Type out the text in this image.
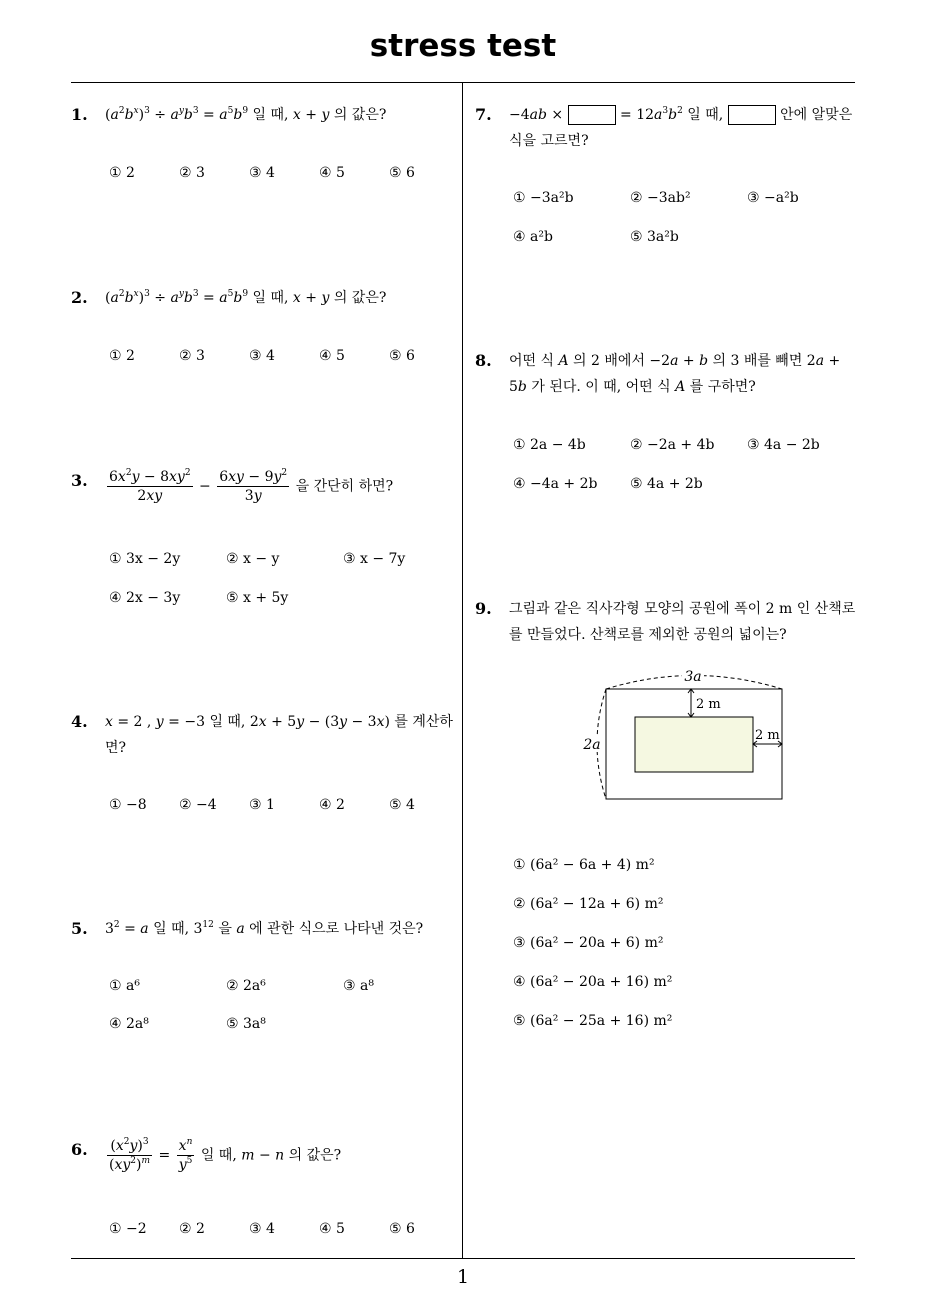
stress test
1. $(a^2b^x)^3 \div a^yb^3 = a^5b^9$ 일 때, x + y 의 값은?
① 2	② 3	③ 4	④ 5	⑤ 6
2. $(a^2b^x)^3 \div a^yb^3 = a^5b^9$ 일 때, x + y 의 값은?
① 2	② 3	③ 4	④ 5	⑤ 6
3. $\frac{6x^2y - 8xy^2}{2xy} - \frac{6xy - 9y^2}{3y}$ 을 간단히 하면?
① 3x − 2y	② x − y	③ x − 7y
④ 2x − 3y	⑤ x + 5y
4. x = 2 , y = −3 일 때, 2x + 5y − (3y − 3x) 를 계산하면?
① −8 ② −4 ③ 1	④ 2	⑤ 4
5. $3^2 = a$ 일 때, $3^{12}$ 을 a 에 관한 식으로 나타낸 것은?
① a⁶	② 2a⁶	③ a⁸
④ 2a⁸	⑤ 3a⁸
6. $\frac{(x^2y)^3}{(xy^2)^m} = \frac{x^n}{y^5}$ 일 때, m − n 의 값은?
① −2 ② 2	③ 4	④ 5	⑤ 6
7. −4ab ×	= $12a^3b^2$ 일 때,	안에 알맞은 식을 고르면?
① −3a²b	② −3ab²	③ −a²b
④ a²b	⑤ 3a²b
8. 어떤 식 A 의 2 배에서 −2a + b 의 3 배를 빼면 2a + 5b 가 된다. 이 때, 어떤 식 A 를 구하면?
① 2a − 4b	② −2a + 4b ③ 4a − 2b
④ −4a + 2b ⑤ 4a + 2b
9. 그림과 같은 직사각형 모양의 공원에 폭이 2 m 인 산책로를 만들었다. 산책로를 제외한 공원의 넓이는?
3a
2a
2 m
2 m
① (6a² − 6a + 4) m²
② (6a² − 12a + 6) m²
③ (6a² − 20a + 6) m²
④ (6a² − 20a + 16) m²
⑤ (6a² − 25a + 16) m²
1
